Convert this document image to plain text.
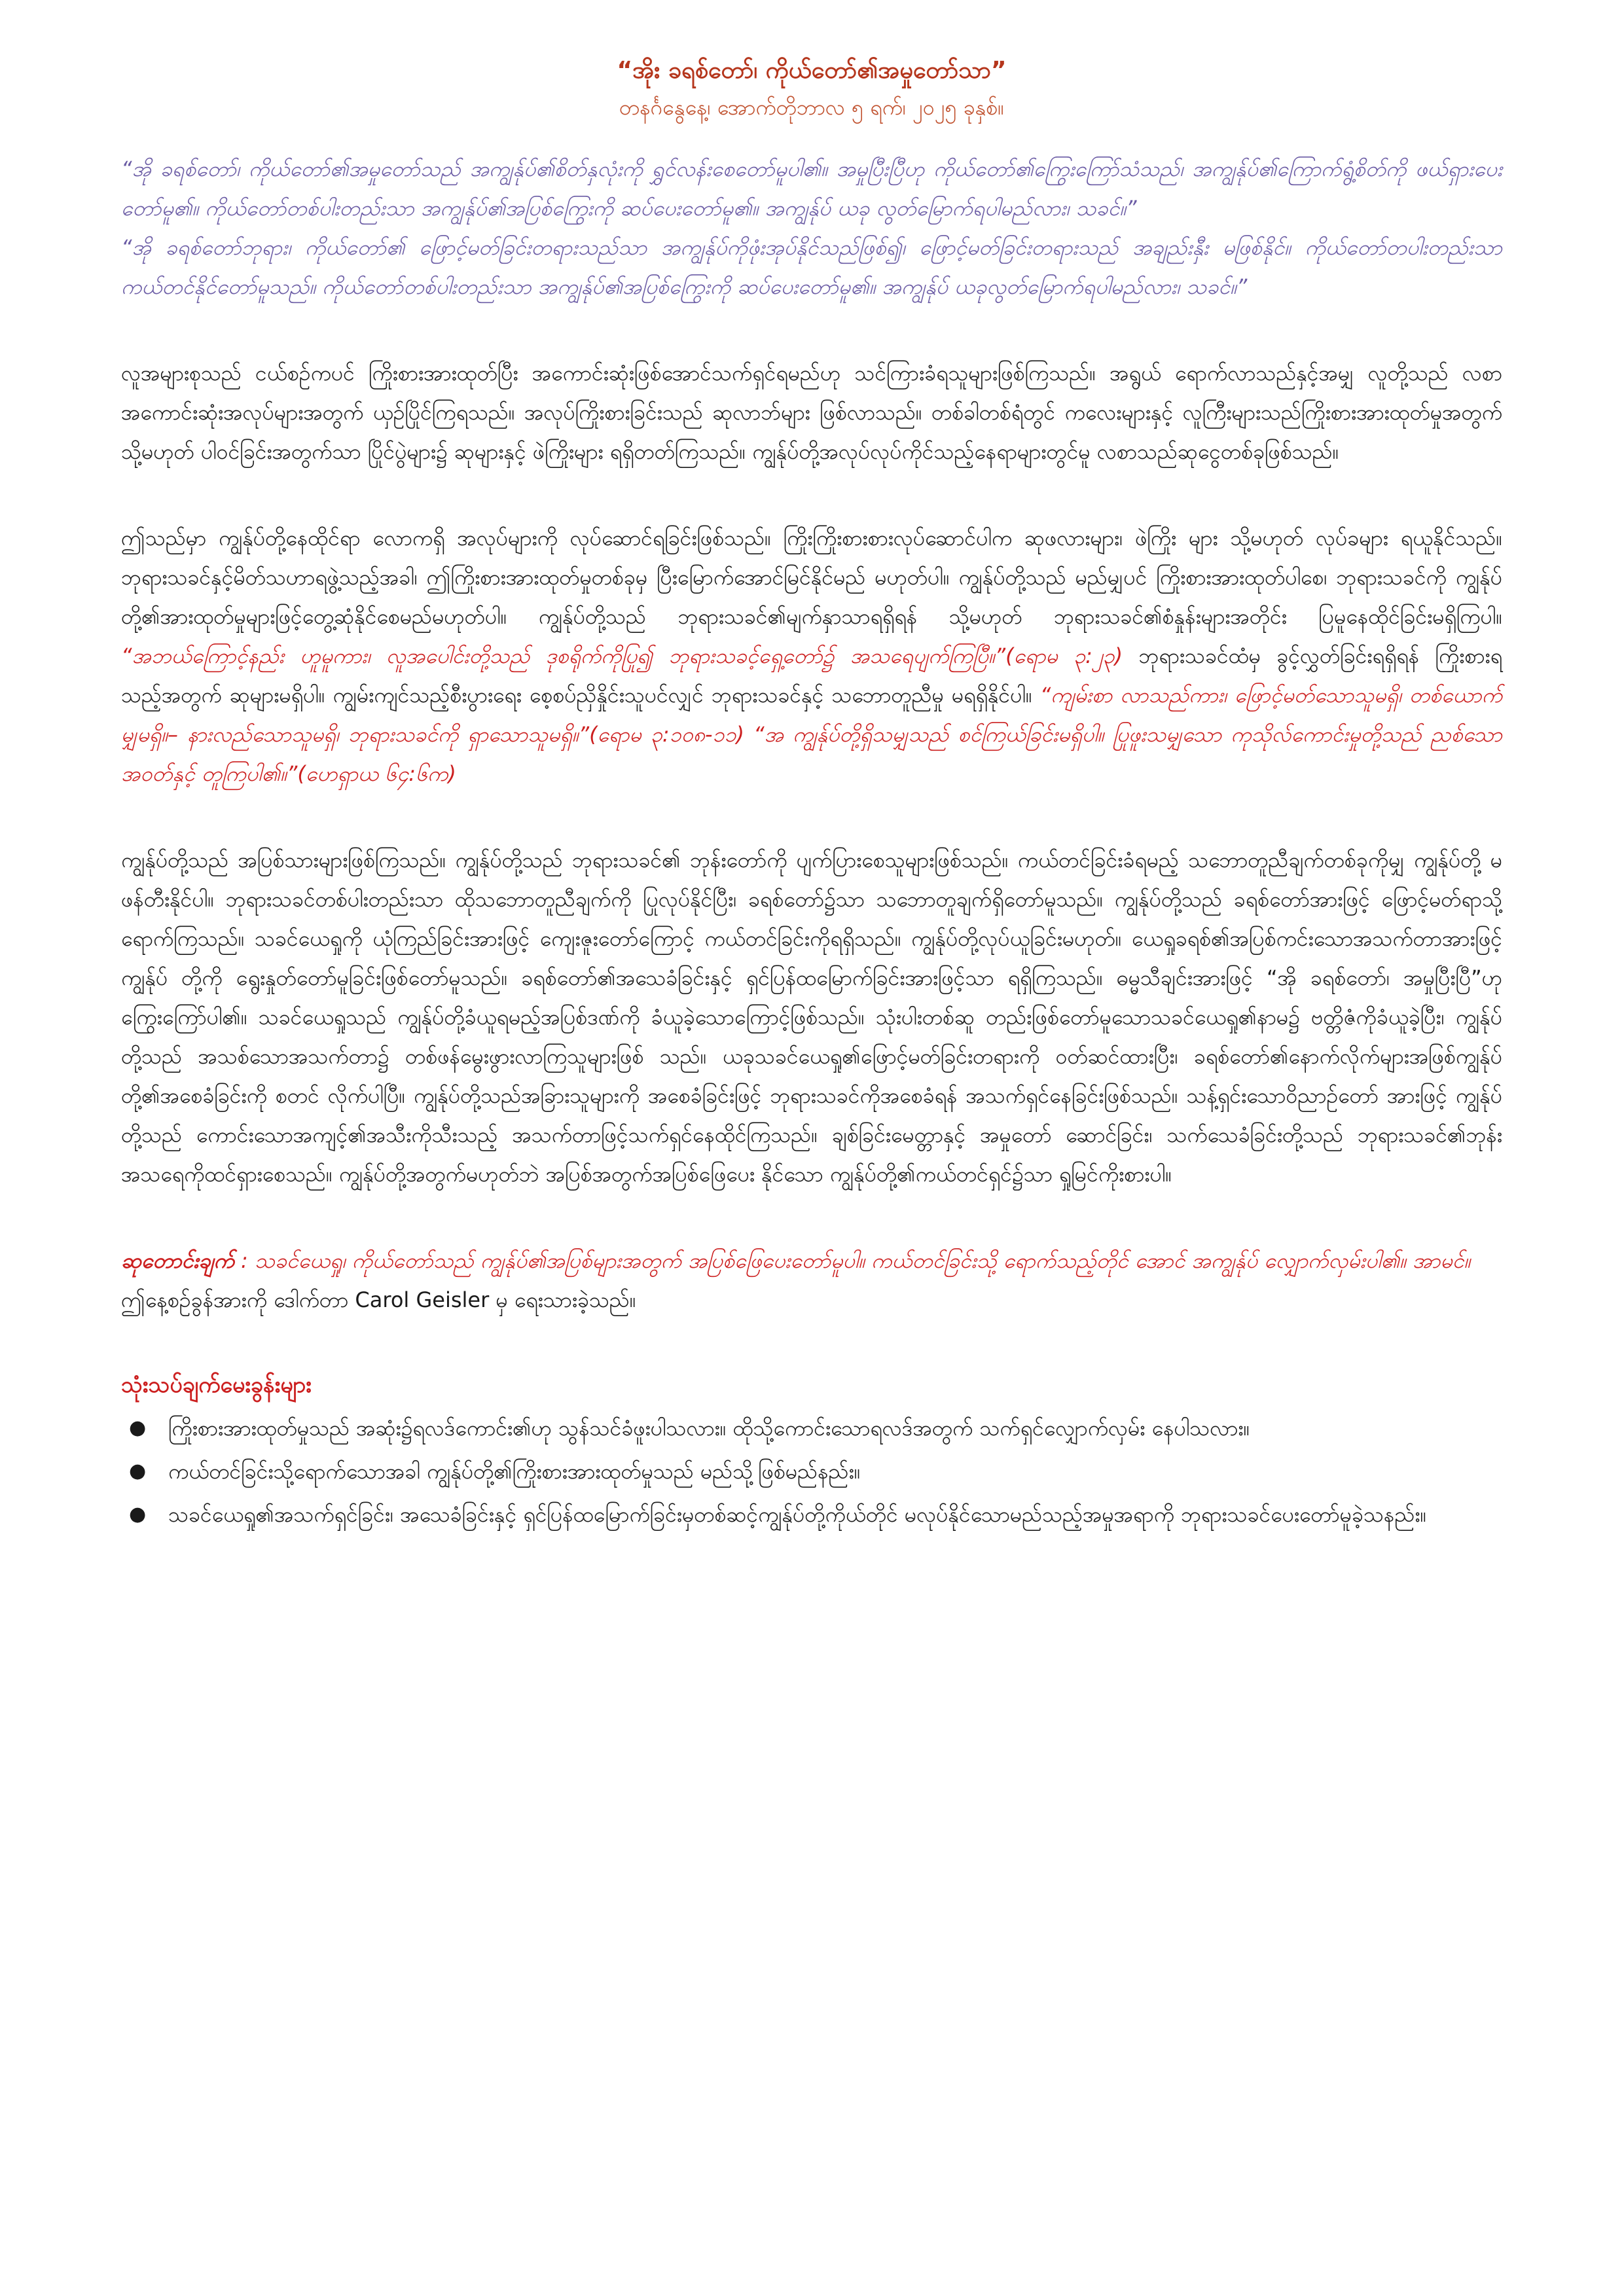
“အိုး ခရစ်တော်၊ ကိုယ်တော်၏အမှုတော်သာ”

တနင်္ဂနွေနေ့၊ အောက်တိုဘာလ ၅ ရက်၊ ၂၀၂၅ ခုနှစ်။

“အို ခရစ်တော်၊ ကိုယ်တော်၏အမှုတော်သည် အကျွန်ုပ်၏စိတ်နှလုံးကို ရွှင်လန်းစေတော်မူပါ၏။ အမှုပြီးပြီဟု ကိုယ်တော်၏ကြွေးကြော်သံသည်၊ အကျွန်ုပ်၏ကြောက်ရွံ့စိတ်ကို ဖယ်ရှားပေးတော်မူ၏။ ကိုယ်တော်တစ်ပါးတည်းသာ အကျွန်ုပ်၏အပြစ်ကြွေးကို ဆပ်ပေးတော်မူ၏။ အကျွန်ုပ် ယခု လွတ်မြောက်ရပါမည်လား၊ သခင်။”

“အို ခရစ်တော်ဘုရား၊ ကိုယ်တော်၏ ဖြောင့်မတ်ခြင်းတရားသည်သာ အကျွန်ုပ်ကိုဖုံးအုပ်နိုင်သည်ဖြစ်၍၊ ဖြောင့်မတ်ခြင်းတရားသည် အချည်းနှီး မဖြစ်နိုင်။ ကိုယ်တော်တပါးတည်းသာ ကယ်တင်နိုင်တော်မူသည်။ ကိုယ်တော်တစ်ပါးတည်းသာ အကျွန်ုပ်၏အပြစ်ကြွေးကို ဆပ်ပေးတော်မူ၏။ အကျွန်ုပ် ယခုလွတ်မြောက်ရပါမည်လား၊ သခင်။”

လူအများစုသည် ငယ်စဉ်ကပင် ကြိုးစားအားထုတ်ပြီး အကောင်းဆုံးဖြစ်အောင်သက်ရှင်ရမည်ဟု သင်ကြားခံရသူများဖြစ်ကြသည်။ အရွယ် ရောက်လာသည်နှင့်အမျှ လူတို့သည် လစာအကောင်းဆုံးအလုပ်များအတွက် ယှဉ်ပြိုင်ကြရသည်။ အလုပ်ကြိုးစားခြင်းသည် ဆုလာဘ်များ ဖြစ်လာသည်။ တစ်ခါတစ်ရံတွင် ကလေးများနှင့် လူကြီးများသည်ကြိုးစားအားထုတ်မှုအတွက် သို့မဟုတ် ပါဝင်ခြင်းအတွက်သာ ပြိုင်ပွဲများ၌ ဆုများနှင့် ဖဲကြိုးများ ရရှိတတ်ကြသည်။ ကျွန်ုပ်တို့အလုပ်လုပ်ကိုင်သည့်နေရာများတွင်မူ လစာသည်ဆုငွေတစ်ခုဖြစ်သည်။

ဤသည်မှာ ကျွန်ုပ်တို့နေထိုင်ရာ လောကရှိ အလုပ်များကို လုပ်ဆောင်ရခြင်းဖြစ်သည်။ ကြိုးကြိုးစားစားလုပ်ဆောင်ပါက ဆုဖလားများ၊ ဖဲကြိုး များ သို့မဟုတ် လုပ်ခများ ရယူနိုင်သည်။ ဘုရားသခင်နှင့်မိတ်သဟာရဖွဲ့သည့်အခါ၊ ဤကြိုးစားအားထုတ်မှုတစ်ခုမှ ပြီးမြောက်အောင်မြင်နိုင်မည် မဟုတ်ပါ။ ကျွန်ုပ်တို့သည် မည်မျှပင် ကြိုးစားအားထုတ်ပါစေ၊ ဘုရားသခင်ကို ကျွန်ုပ်တို့၏အားထုတ်မှုများဖြင့်တွေ့ဆုံနိုင်စေမည်မဟုတ်ပါ။ ကျွန်ုပ်တို့သည် ဘုရားသခင်၏မျက်နှာသာရရှိရန် သို့မဟုတ် ဘုရားသခင်၏စံနှုန်းများအတိုင်း ပြမူနေထိုင်ခြင်းမရှိကြပါ။ “အဘယ်ကြောင့်နည်း ဟူမူကား၊ လူအပေါင်းတို့သည် ဒုစရိုက်ကိုပြု၍ ဘုရားသခင့်ရှေ့တော်၌ အသရေပျက်ကြပြီ။”(ရောမ ၃:၂၃) ဘုရားသခင်ထံမှ ခွင့်လွှတ်ခြင်းရရှိရန် ကြိုးစားရသည့်အတွက် ဆုများမရှိပါ။ ကျွမ်းကျင်သည့်စီးပွားရေး စေ့စပ်ညှိနှိုင်းသူပင်လျှင် ဘုရားသခင်နှင့် သဘောတူညီမှု မရရှိနိုင်ပါ။ “ကျမ်းစာ လာသည်ကား၊ ဖြောင့်မတ်သောသူမရှိ၊ တစ်ယောက်မျှမရှိ။– နားလည်သောသူမရှိ၊ ဘုရားသခင်ကို ရှာသောသူမရှိ။”(ရောမ ၃:၁၀၈-၁၁) “အ ကျွန်ုပ်တို့ရှိသမျှသည် စင်ကြယ်ခြင်းမရှိပါ။ ပြုဖူးသမျှသော ကုသိုလ်ကောင်းမှုတို့သည် ညစ်သောအဝတ်နှင့် တူကြပါ၏။”(ဟေရှာယ ၆၄:၆က)

ကျွန်ုပ်တို့သည် အပြစ်သားများဖြစ်ကြသည်။ ကျွန်ုပ်တို့သည် ဘုရားသခင်၏ ဘုန်းတော်ကို ပျက်ပြားစေသူများဖြစ်သည်။ ကယ်တင်ခြင်းခံရမည့် သဘောတူညီချက်တစ်ခုကိုမျှ ကျွန်ုပ်တို့ မဖန်တီးနိုင်ပါ။ ဘုရားသခင်တစ်ပါးတည်းသာ ထိုသဘောတူညီချက်ကို ပြုလုပ်နိုင်ပြီး၊ ခရစ်တော်၌သာ သဘောတူချက်ရှိတော်မူသည်။ ကျွန်ုပ်တို့သည် ခရစ်တော်အားဖြင့် ဖြောင့်မတ်ရာသို့ ရောက်ကြသည်။ သခင်ယေရှုကို ယုံကြည်ခြင်းအားဖြင့် ကျေးဇူးတော်ကြောင့် ကယ်တင်ခြင်းကိုရရှိသည်။ ကျွန်ုပ်တို့လုပ်ယူခြင်းမဟုတ်။ ယေရှုခရစ်၏အပြစ်ကင်းသောအသက်တာအားဖြင့် ကျွန်ုပ် တို့ကို ရွေးနှုတ်တော်မူခြင်းဖြစ်တော်မူသည်။ ခရစ်တော်၏အသေခံခြင်းနှင့် ရှင်ပြန်ထမြောက်ခြင်းအားဖြင့်သာ ရရှိကြသည်။ ဓမ္မသီချင်းအားဖြင့် “အို ခရစ်တော်၊ အမှုပြီးပြီ”ဟု ကြွေးကြော်ပါ၏။ သခင်ယေရှုသည် ကျွန်ုပ်တို့ခံယူရမည့်အပြစ်ဒဏ်ကို ခံယူခဲ့သောကြောင့်ဖြစ်သည်။ သုံးပါးတစ်ဆူ တည်းဖြစ်တော်မူသောသခင်ယေရှု၏နာမ၌ ဗတ္တိဇံကိုခံယူခဲ့ပြီး၊ ကျွန်ုပ်တို့သည် အသစ်သောအသက်တာ၌ တစ်ဖန်မွေးဖွားလာကြသူများဖြစ် သည်။ ယခုသခင်ယေရှု၏ဖြောင့်မတ်ခြင်းတရားကို ဝတ်ဆင်ထားပြီး၊ ခရစ်တော်၏နောက်လိုက်များအဖြစ်ကျွန်ုပ်တို့၏အစေခံခြင်းကို စတင် လိုက်ပါပြီ။ ကျွန်ုပ်တို့သည်အခြားသူများကို အစေခံခြင်းဖြင့် ဘုရားသခင်ကိုအစေခံရန် အသက်ရှင်နေခြင်းဖြစ်သည်။ သန့်ရှင်းသောဝိညာဉ်တော် အားဖြင့် ကျွန်ုပ်တို့သည် ကောင်းသောအကျင့်၏အသီးကိုသီးသည့် အသက်တာဖြင့်သက်ရှင်နေထိုင်ကြသည်။ ချစ်ခြင်းမေတ္တာနှင့် အမှုတော် ဆောင်ခြင်း၊ သက်သေခံခြင်းတို့သည် ဘုရားသခင်၏ဘုန်းအသရေကိုထင်ရှားစေသည်။ ကျွန်ုပ်တို့အတွက်မဟုတ်ဘဲ အပြစ်အတွက်အပြစ်ဖြေပေး နိုင်သော ကျွန်ုပ်တို့၏ကယ်တင်ရှင်၌သာ ရှုမြင်ကိုးစားပါ။

ဆုတောင်းချက် : သခင်ယေရှု၊ ကိုယ်တော်သည် ကျွန်ုပ်၏အပြစ်များအတွက် အပြစ်ဖြေပေးတော်မူပါ။ ကယ်တင်ခြင်းသို့ ရောက်သည့်တိုင် အောင် အကျွန်ုပ် လျှောက်လှမ်းပါ၏။ အာမင်။

ဤနေ့စဉ်ခွန်အားကို ဒေါက်တာ Carol Geisler မှ ရေးသားခဲ့သည်။

သုံးသပ်ချက်မေးခွန်းများ
● ကြိုးစားအားထုတ်မှုသည် အဆုံး၌ရလဒ်ကောင်း၏ဟု သွန်သင်ခံဖူးပါသလား။ ထိုသို့ကောင်းသောရလဒ်အတွက် သက်ရှင်လျှောက်လှမ်း နေပါသလား။
● ကယ်တင်ခြင်းသို့ရောက်သောအခါ ကျွန်ုပ်တို့၏ကြိုးစားအားထုတ်မှုသည် မည်သို့ဖြစ်မည်နည်း။
● သခင်ယေရှု၏အသက်ရှင်ခြင်း၊ အသေခံခြင်းနှင့် ရှင်ပြန်ထမြောက်ခြင်းမှတစ်ဆင့်ကျွန်ုပ်တို့ကိုယ်တိုင် မလုပ်နိုင်သောမည်သည့်အမှုအရာကို ဘုရားသခင်ပေးတော်မူခဲ့သနည်း။
